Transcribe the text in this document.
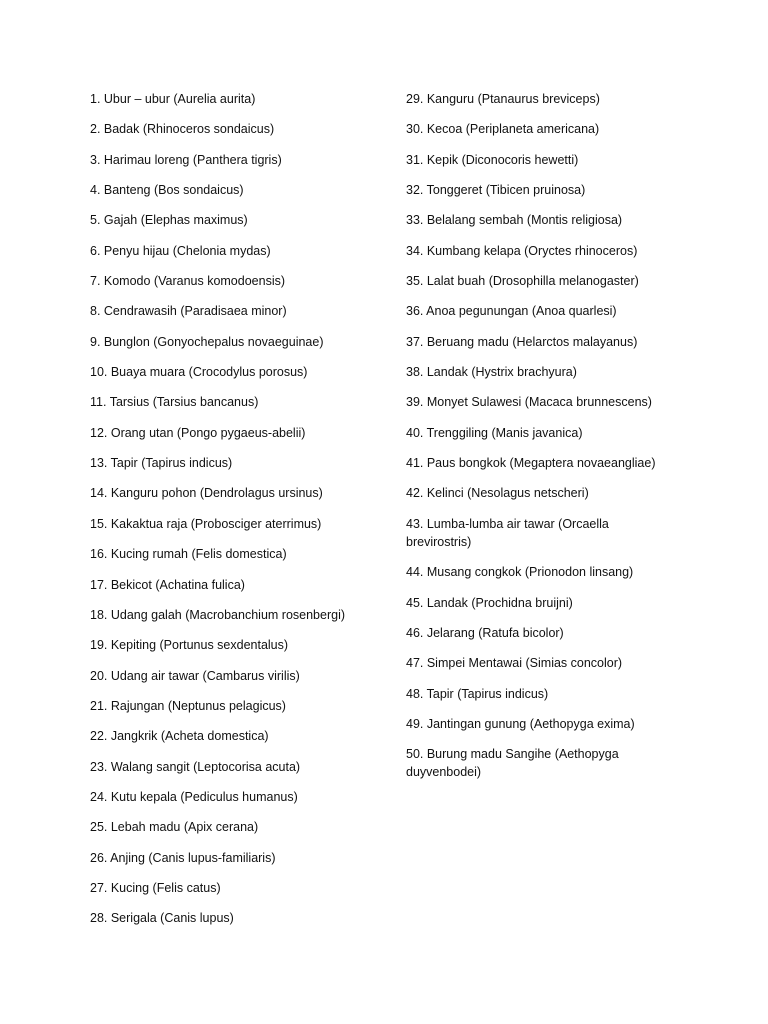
1. Ubur – ubur (Aurelia aurita)
2. Badak (Rhinoceros sondaicus)
3. Harimau loreng (Panthera tigris)
4. Banteng (Bos sondaicus)
5. Gajah (Elephas maximus)
6. Penyu hijau (Chelonia mydas)
7. Komodo (Varanus komodoensis)
8. Cendrawasih (Paradisaea minor)
9. Bunglon (Gonyochepalus novaeguinae)
10. Buaya muara (Crocodylus porosus)
11. Tarsius (Tarsius bancanus)
12. Orang utan (Pongo pygaeus-abelii)
13. Tapir (Tapirus indicus)
14. Kanguru pohon (Dendrolagus ursinus)
15. Kakaktua raja (Probosciger aterrimus)
16. Kucing rumah (Felis domestica)
17. Bekicot (Achatina fulica)
18. Udang galah (Macrobanchium rosenbergi)
19. Kepiting (Portunus sexdentalus)
20. Udang air tawar (Cambarus virilis)
21. Rajungan (Neptunus pelagicus)
22. Jangkrik (Acheta domestica)
23. Walang sangit (Leptocorisa acuta)
24. Kutu kepala (Pediculus humanus)
25. Lebah madu (Apix cerana)
26. Anjing (Canis lupus-familiaris)
27. Kucing (Felis catus)
28. Serigala (Canis lupus)
29. Kanguru (Ptanaurus breviceps)
30. Kecoa (Periplaneta americana)
31. Kepik (Diconocoris hewetti)
32. Tonggeret (Tibicen pruinosa)
33. Belalang sembah (Montis religiosa)
34. Kumbang kelapa (Oryctes rhinoceros)
35. Lalat buah (Drosophilla melanogaster)
36. Anoa pegunungan (Anoa quarlesi)
37. Beruang madu (Helarctos malayanus)
38. Landak (Hystrix brachyura)
39. Monyet Sulawesi (Macaca brunnescens)
40. Trenggiling (Manis javanica)
41. Paus bongkok (Megaptera novaeangliae)
42. Kelinci (Nesolagus netscheri)
43. Lumba-lumba air tawar (Orcaella brevirostris)
44. Musang congkok (Prionodon linsang)
45. Landak (Prochidna bruijni)
46. Jelarang (Ratufa bicolor)
47. Simpei Mentawai (Simias concolor)
48. Tapir (Tapirus indicus)
49. Jantingan gunung (Aethopyga exima)
50. Burung madu Sangihe (Aethopyga duyvenbodei)
